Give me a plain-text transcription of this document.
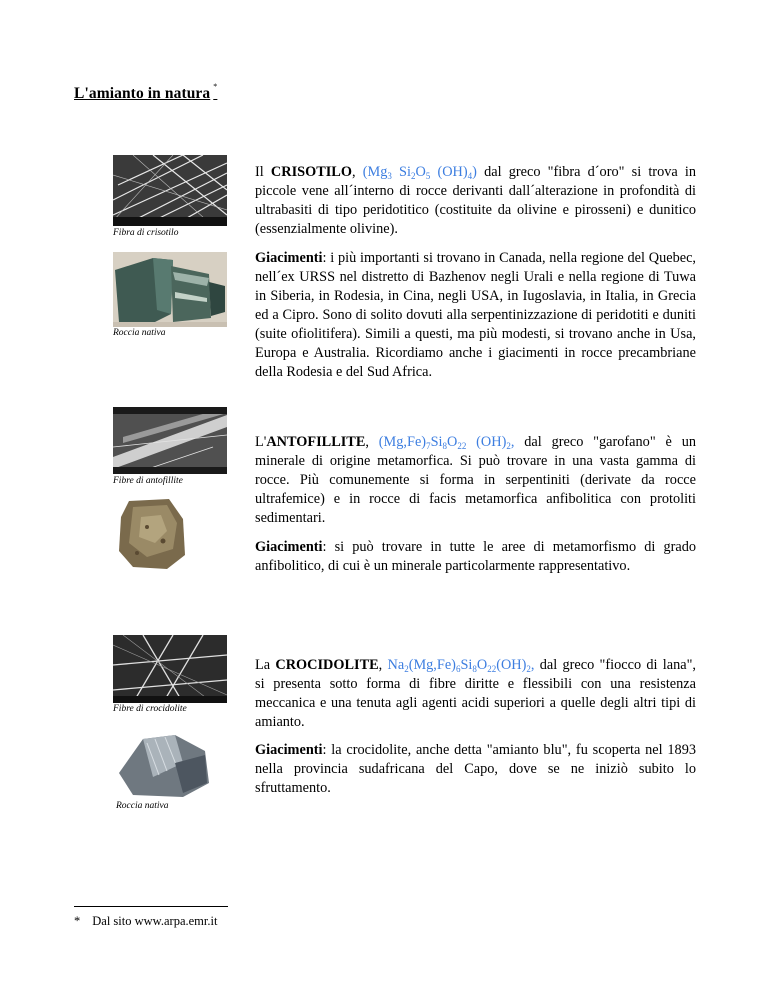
L'amianto in natura *
Fibra di crisotilo
Roccia nativa
Il CRISOTILO, ($Mg_3$ $Si_2O_5$ $(OH)_4$) dal greco "fibra d´oro" si trova in piccole vene all´interno di rocce derivanti dall´alterazione in profondità di ultrabasiti di tipo peridotitico (costituite da olivine e pirosseni) e dunitico (essenzialmente olivine).
Giacimenti: i più importanti si trovano in Canada, nella regione del Quebec, nell´ex URSS nel distretto di Bazhenov negli Urali e nella regione di Tuwa in Siberia, in Rodesia, in Cina, negli USA, in Iugoslavia, in Italia, in Grecia ed a Cipro. Sono di solito dovuti alla serpentinizzazione di peridotiti e duniti (suite ofiolitifera). Simili a questi, ma più modesti, si trovano anche in Usa, Europa e Australia. Ricordiamo anche i giacimenti in rocce precambriane della Rodesia e del Sud Africa.
Fibre di antofillite
L'ANTOFILLITE, $(Mg,Fe)_7Si_8O_{22}$ $(OH)_2$, dal greco "garofano" è un minerale di origine metamorfica. Si può trovare in una vasta gamma di rocce. Più comunemente si forma in serpentiniti (derivate da rocce ultrafemice) e in rocce di facis metamorfica anfibolitica con protoliti sedimentari.
Giacimenti: si può trovare in tutte le aree di metamorfismo di grado anfibolitico, di cui è un minerale particolarmente rappresentativo.
Fibre di crocidolite
Roccia nativa
La CROCIDOLITE, $Na_2(Mg,Fe)_6Si_8O_{22}(OH)_2$, dal greco "fiocco di lana", si presenta sotto forma di fibre diritte e flessibili con una resistenza meccanica e una tenuta agli agenti acidi superiori a quelle degli altri tipi di amianto.
Giacimenti: la crocidolite, anche detta "amianto blu", fu scoperta nel 1893 nella provincia sudafricana del Capo, dove se ne iniziò subito lo sfruttamento.
* Dal sito www.arpa.emr.it
